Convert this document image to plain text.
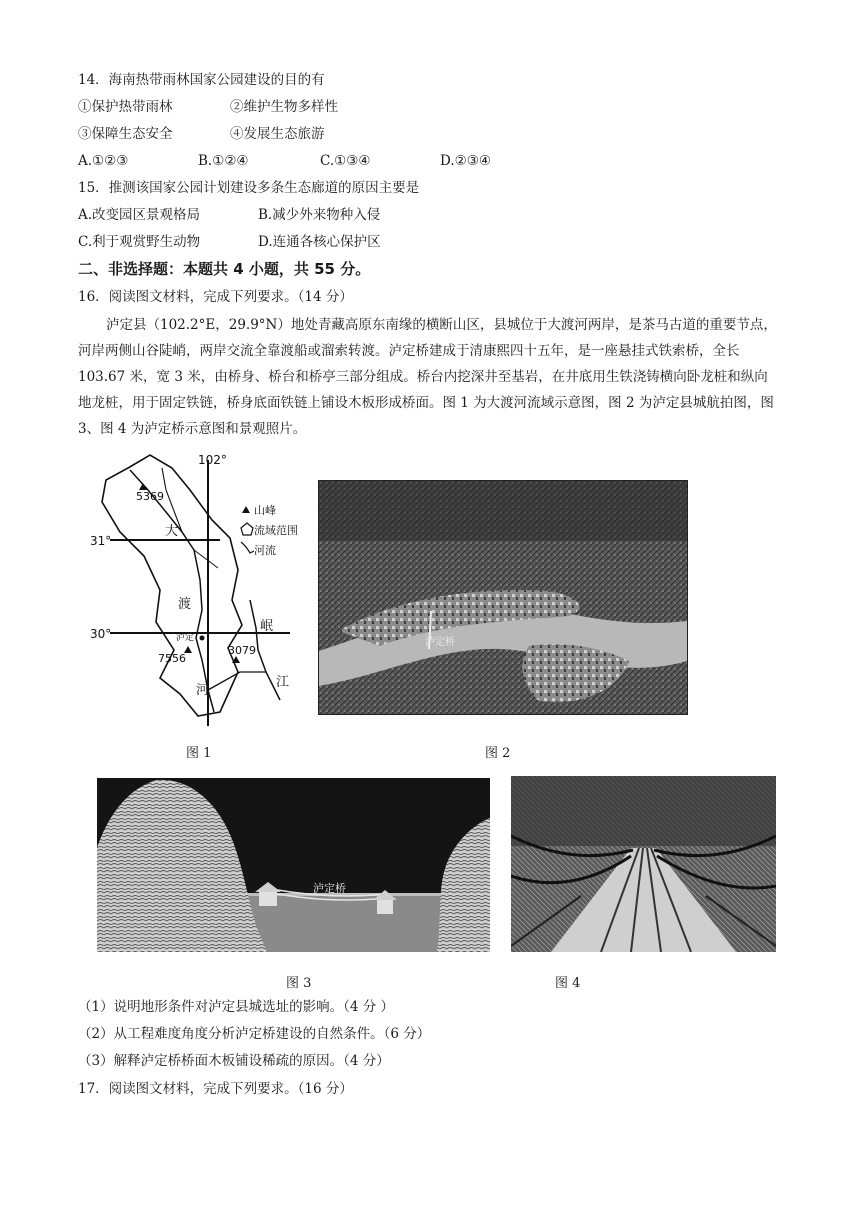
14．海南热带雨林国家公园建设的目的有
①保护热带雨林	②维护生物多样性
③保障生态安全	④发展生态旅游
A.①②③	B.①②④	C.①③④	D.②③④
15．推测该国家公园计划建设多条生态廊道的原因主要是
A.改变园区景观格局	B.减少外来物种入侵
C.利于观赏野生动物	D.连通各核心保护区
二、非选择题：本题共 4 小题，共 55 分。
16．阅读图文材料，完成下列要求。（14 分）
泸定县（102.2°E，29.9°N）地处青藏高原东南缘的横断山区，县城位于大渡河两岸，是茶马古道的重要节点，河岸两侧山谷陡峭，两岸交流全靠渡船或溜索转渡。泸定桥建成于清康熙四十五年，是一座悬挂式铁索桥，全长 103.67 米，宽 3 米，由桥身、桥台和桥亭三部分组成。桥台内挖深井至基岩，在井底用生铁浇铸横向卧龙桩和纵向地龙桩，用于固定铁链，桥身底面铁链上铺设木板形成桥面。图 1 为大渡河流域示意图，图 2 为泸定县城航拍图，图 3、图 4 为泸定桥示意图和景观照片。
102°
31°
30°
5369
7556
3079
泸定
大
渡
河
岷
江
山峰
流域范围
河流
图 1
泸定桥
图 2
泸定桥
图 3	图 4
（1）说明地形条件对泸定县城选址的影响。（4 分 ）
（2）从工程难度角度分析泸定桥建设的自然条件。（6 分）
（3）解释泸定桥桥面木板铺设稀疏的原因。（4 分）
17．阅读图文材料，完成下列要求。（16 分）
